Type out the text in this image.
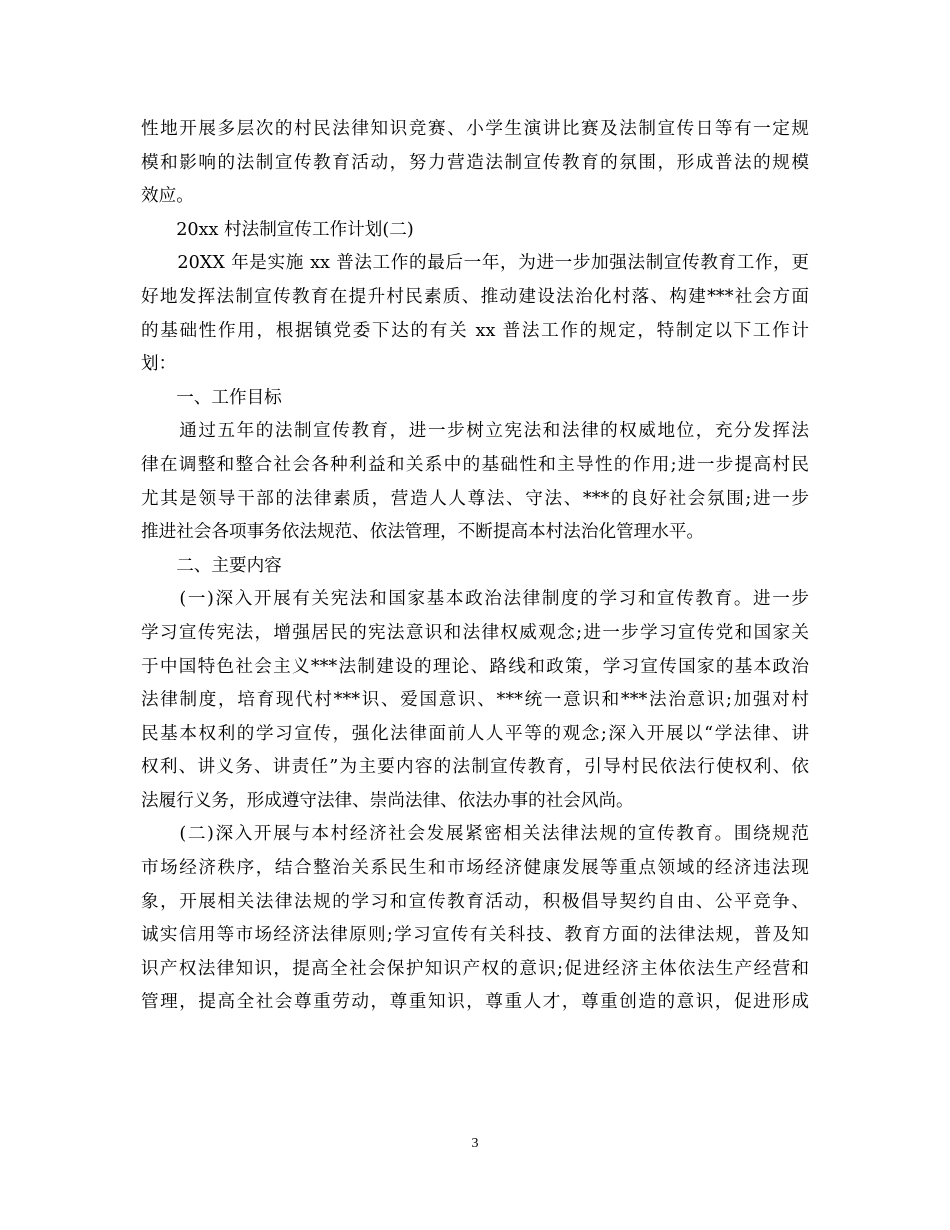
性地开展多层次的村民法律知识竞赛、小学生演讲比赛及法制宣传日等有一定规
模和影响的法制宣传教育活动，努力营造法制宣传教育的氛围，形成普法的规模
效应。
　　20xx 村法制宣传工作计划(二)
　　20XX 年是实施 xx 普法工作的最后一年，为进一步加强法制宣传教育工作，更
好地发挥法制宣传教育在提升村民素质、推动建设法治化村落、构建***社会方面
的基础性作用，根据镇党委下达的有关 xx 普法工作的规定，特制定以下工作计
划：
　　一、工作目标
　　通过五年的法制宣传教育，进一步树立宪法和法律的权威地位，充分发挥法
律在调整和整合社会各种利益和关系中的基础性和主导性的作用;进一步提高村民
尤其是领导干部的法律素质，营造人人尊法、守法、***的良好社会氛围;进一步
推进社会各项事务依法规范、依法管理，不断提高本村法治化管理水平。
　　二、主要内容
　　(一)深入开展有关宪法和国家基本政治法律制度的学习和宣传教育。进一步
学习宣传宪法，增强居民的宪法意识和法律权威观念;进一步学习宣传党和国家关
于中国特色社会主义***法制建设的理论、路线和政策，学习宣传国家的基本政治
法律制度，培育现代村***识、爱国意识、***统一意识和***法治意识;加强对村
民基本权利的学习宣传，强化法律面前人人平等的观念;深入开展以“学法律、讲
权利、讲义务、讲责任”为主要内容的法制宣传教育，引导村民依法行使权利、依
法履行义务，形成遵守法律、崇尚法律、依法办事的社会风尚。
　　(二)深入开展与本村经济社会发展紧密相关法律法规的宣传教育。围绕规范
市场经济秩序，结合整治关系民生和市场经济健康发展等重点领域的经济违法现
象，开展相关法律法规的学习和宣传教育活动，积极倡导契约自由、公平竞争、
诚实信用等市场经济法律原则;学习宣传有关科技、教育方面的法律法规，普及知
识产权法律知识，提高全社会保护知识产权的意识;促进经济主体依法生产经营和
管理，提高全社会尊重劳动，尊重知识，尊重人才，尊重创造的意识，促进形成
3
